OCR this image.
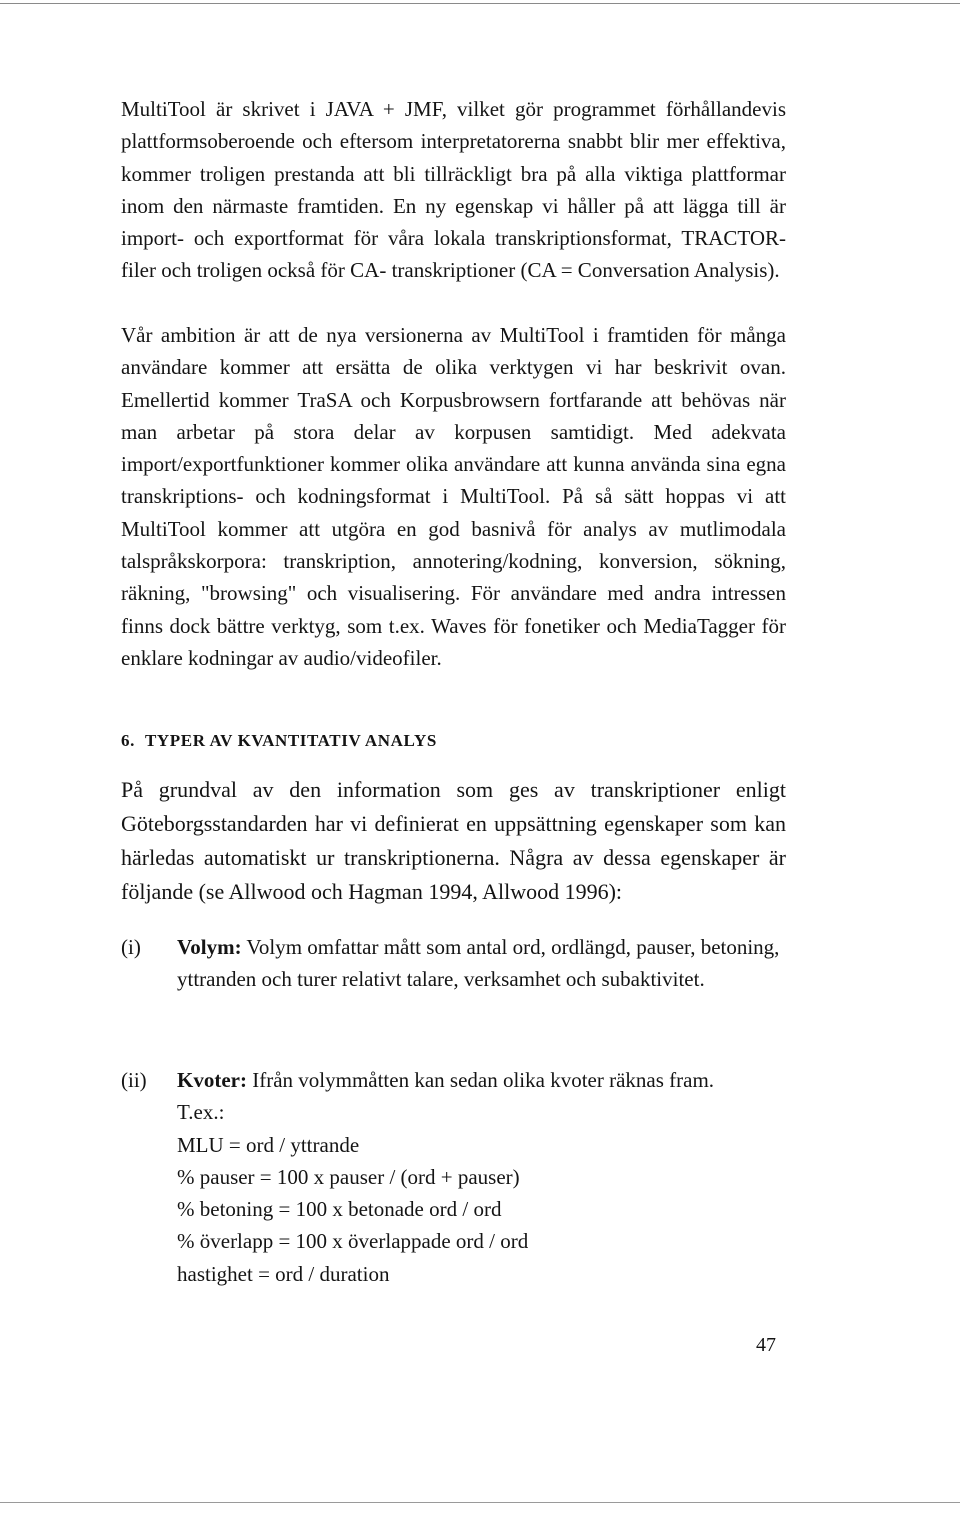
MultiTool är skrivet i JAVA + JMF, vilket gör programmet förhållandevis plattformsoberoende och eftersom interpretatorerna snabbt blir mer effektiva, kommer troligen prestanda att bli tillräckligt bra på alla viktiga plattformar inom den närmaste framtiden. En ny egenskap vi håller på att lägga till är import- och exportformat för våra lokala transkriptionsformat, TRACTOR-filer och troligen också för CA- transkriptioner (CA = Conversation Analysis).

Vår ambition är att de nya versionerna av MultiTool i framtiden för många användare kommer att ersätta de olika verktygen vi har beskrivit ovan. Emellertid kommer TraSA och Korpusbrowsern fortfarande att behövas när man arbetar på stora delar av korpusen samtidigt. Med adekvata import/exportfunktioner kommer olika användare att kunna använda sina egna transkriptions- och kodningsformat i MultiTool. På så sätt hoppas vi att MultiTool kommer att utgöra en god basnivå för analys av mutlimodala talspråkskorpora: transkription, annotering/kodning, konversion, sökning, räkning, "browsing" och visualisering. För användare med andra intressen finns dock bättre verktyg, som t.ex. Waves för fonetiker och MediaTagger för enklare kodningar av audio/videofiler.

6. TYPER AV KVANTITATIV ANALYS

På grundval av den information som ges av transkriptioner enligt Göteborgsstandarden har vi definierat en uppsättning egenskaper som kan härledas automatiskt ur transkriptionerna. Några av dessa egenskaper är följande (se Allwood och Hagman 1994, Allwood 1996):

(i) Volym: Volym omfattar mått som antal ord, ordlängd, pauser, betoning, yttranden och turer relativt talare, verksamhet och subaktivitet.
(ii) Kvoter: Ifrån volymmåtten kan sedan olika kvoter räknas fram.
T.ex.:
MLU = ord / yttrande
% pauser = 100 x pauser / (ord + pauser)
% betoning = 100 x betonade ord / ord
% överlapp = 100 x överlappade ord / ord
hastighet = ord / duration
47
